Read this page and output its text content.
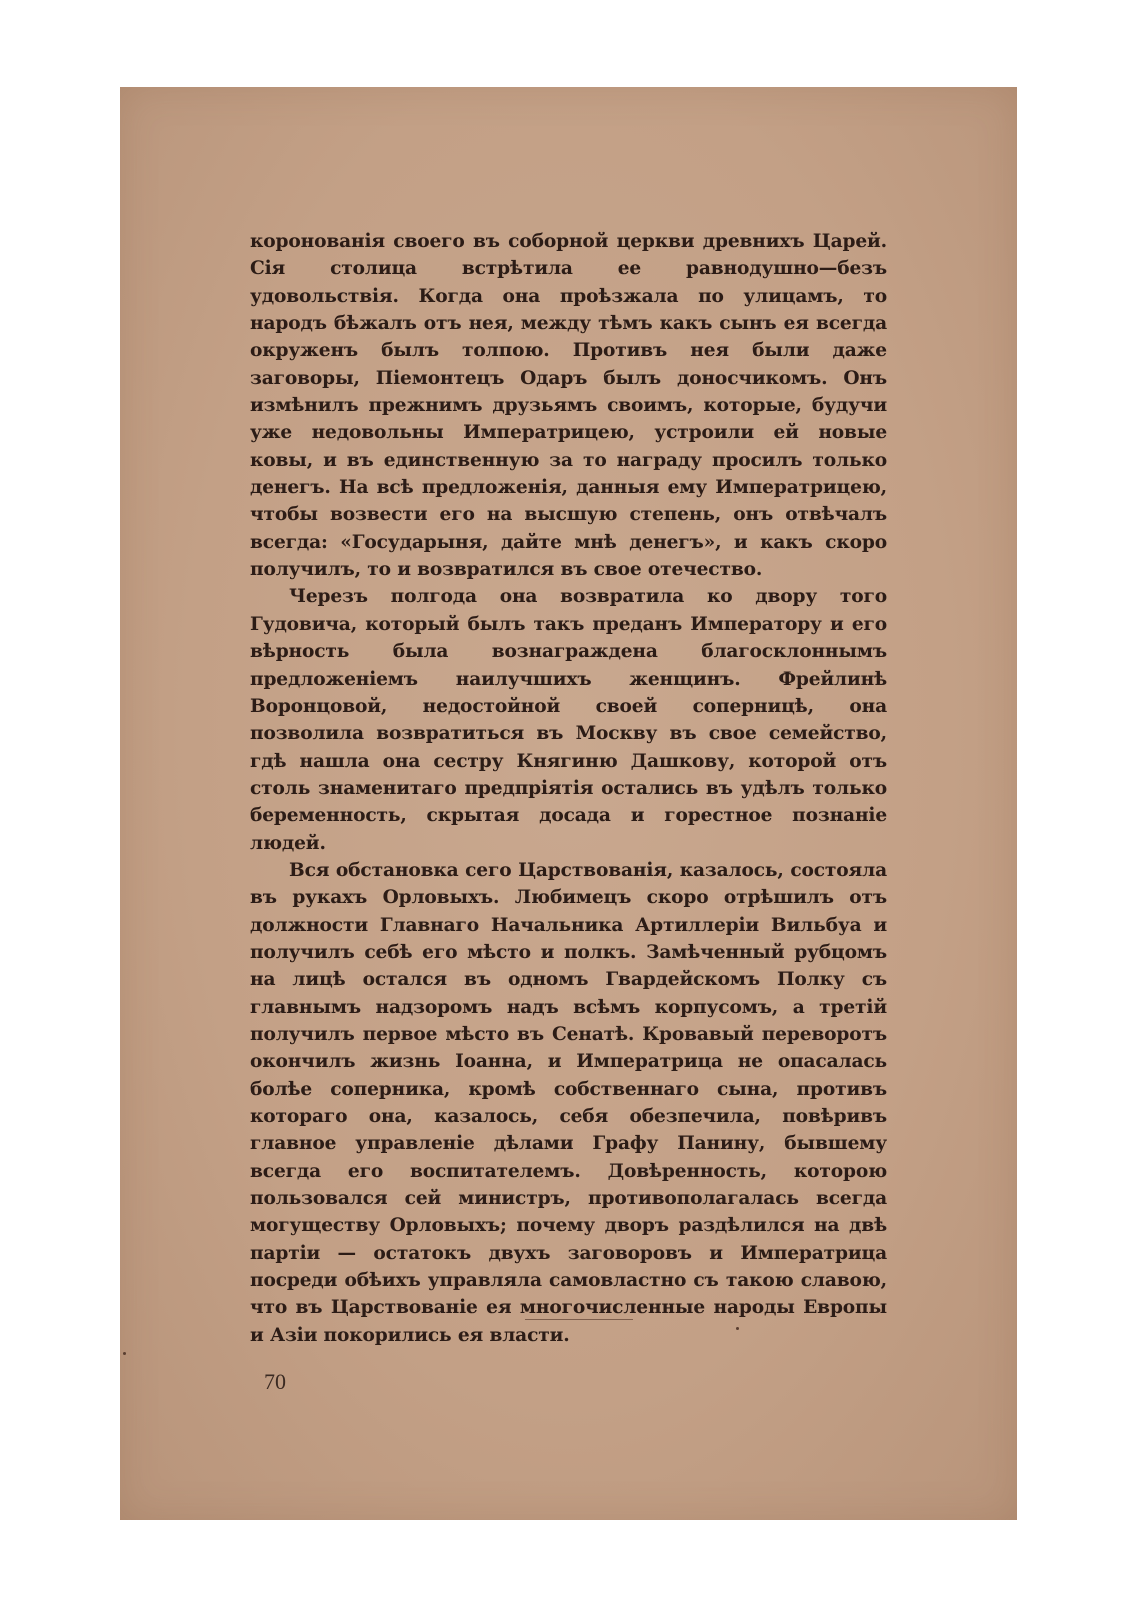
коронованія своего въ соборной церкви древнихъ Царей. Сія столица встрѣтила ее равнодушно—безъ удовольствія. Когда она проѣзжала по улицамъ, то народъ бѣжалъ отъ нея, между тѣмъ какъ сынъ ея всегда окруженъ былъ толпою. Противъ нея были даже заговоры, Піемонтецъ Одаръ былъ доносчикомъ. Онъ измѣнилъ прежнимъ друзьямъ своимъ, которые, будучи уже недовольны Императрицею, устроили ей новые ковы, и въ единственную за то награду просилъ только денегъ. На всѣ предложенія, данныя ему Императрицею, чтобы возвести его на высшую степень, онъ отвѣчалъ всегда: «Государыня, дайте мнѣ денегъ», и какъ скоро получилъ, то и возвратился въ свое отечество.

Черезъ полгода она возвратила ко двору того Гудовича, который былъ такъ преданъ Императору и его вѣрность была вознаграждена благосклоннымъ предложеніемъ наилучшихъ женщинъ. Фрейлинѣ Воронцовой, недостойной своей соперницѣ, она позволила возвратиться въ Москву въ свое семейство, гдѣ нашла она сестру Княгиню Дашкову, которой отъ столь знаменитаго предпріятія остались въ удѣлъ только беременность, скрытая досада и горестное познаніе людей.

Вся обстановка сего Царствованія, казалось, состояла въ рукахъ Орловыхъ. Любимецъ скоро отрѣшилъ отъ должности Главнаго Начальника Артиллеріи Вильбуа и получилъ себѣ его мѣсто и полкъ. Замѣченный рубцомъ на лицѣ остался въ одномъ Гвардейскомъ Полку съ главнымъ надзоромъ надъ всѣмъ корпусомъ, а третій получилъ первое мѣсто въ Сенатѣ. Кровавый переворотъ окончилъ жизнь Іоанна, и Императрица не опасалась болѣе соперника, кромѣ собственнаго сына, противъ котораго она, казалось, себя обезпечила, повѣривъ главное управленіе дѣлами Графу Панину, бывшему всегда его воспитателемъ. Довѣренность, которою пользовался сей министръ, противополагалась всегда могуществу Орловыхъ; почему дворъ раздѣлился на двѣ партіи — остатокъ двухъ заговоровъ и Императрица посреди обѣихъ управляла самовластно съ такою славою, что въ Царствованіе ея многочисленные народы Европы и Азіи покорились ея власти.

70
